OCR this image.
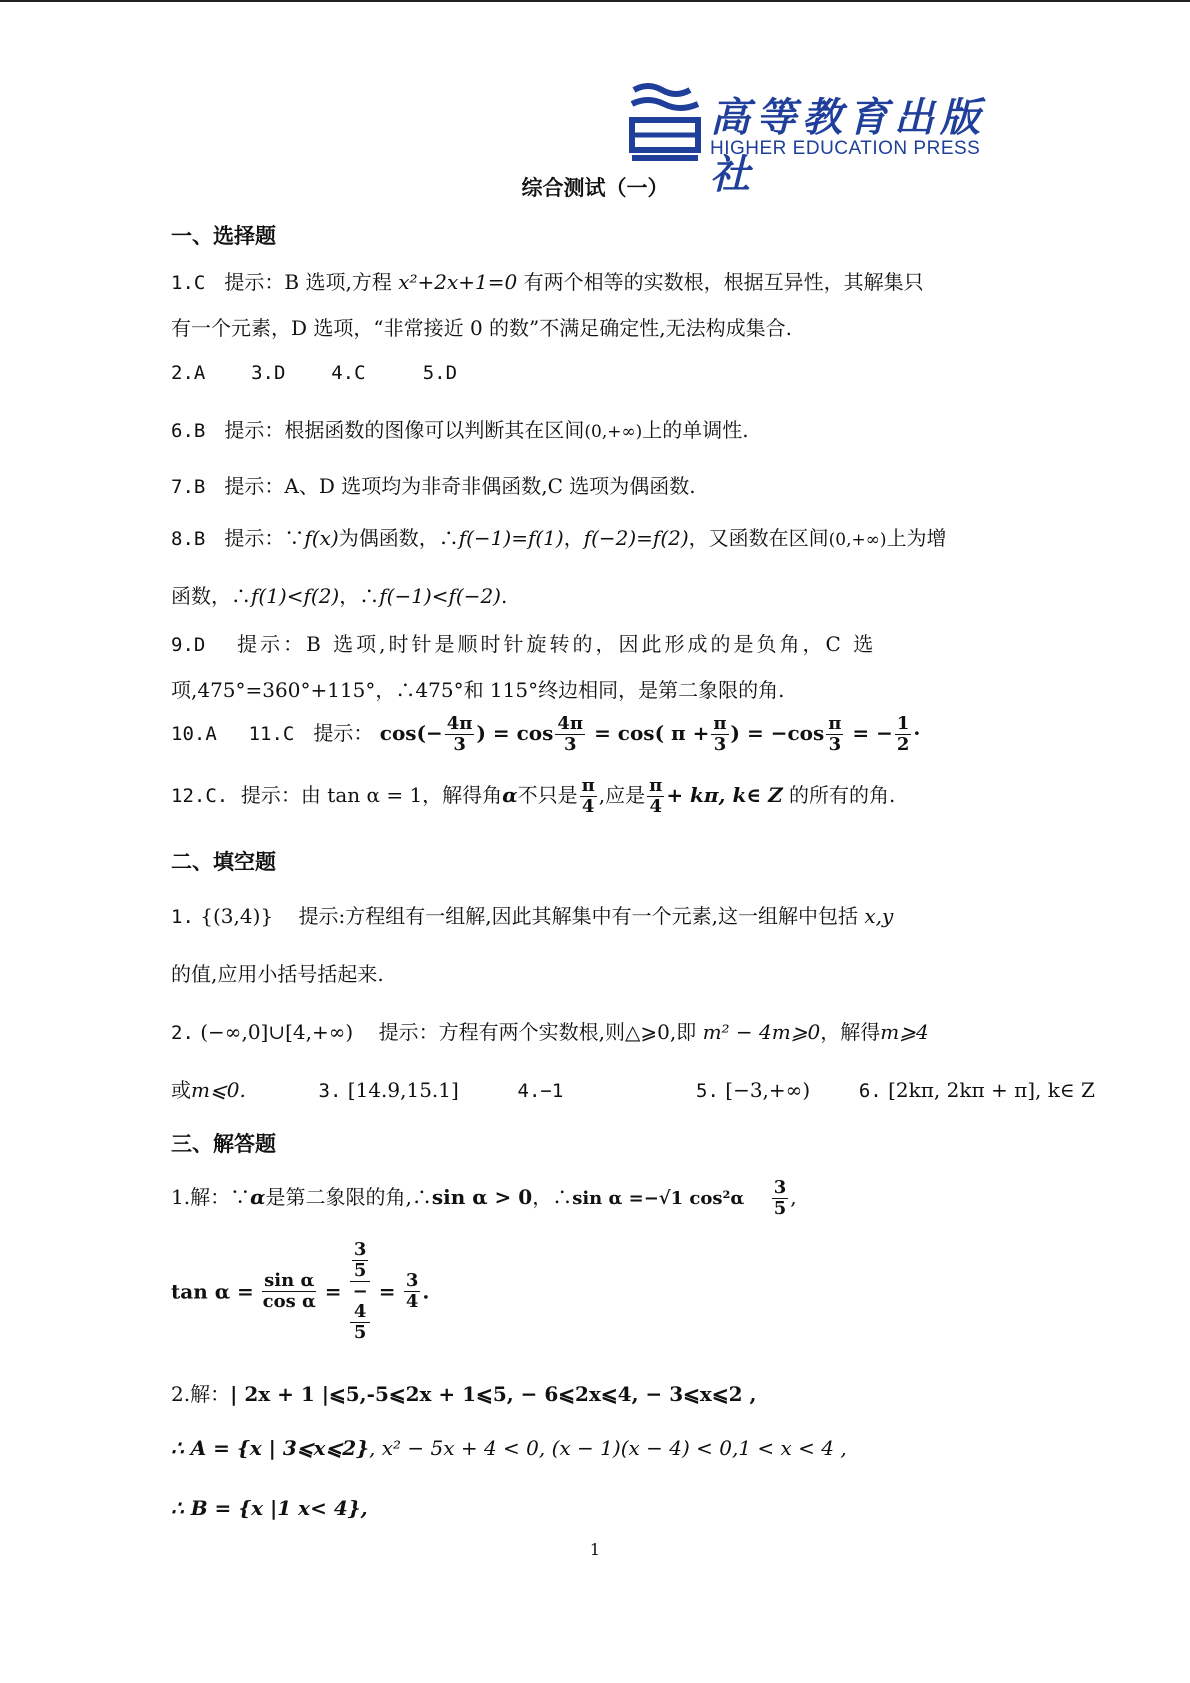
高等教育出版社
HIGHER EDUCATION PRESS
综合测试（一）
一、选择题
1.C 提示：B 选项,方程 x²+2x+1=0 有两个相等的实数根，根据互异性，其解集只
有一个元素，D 选项，“非常接近 0 的数”不满足确定性,无法构成集合.
2.A 3.D 4.C	5.D
6.B 提示：根据函数的图像可以判断其在区间(0,+∞)上的单调性.
7.B 提示：A、D 选项均为非奇非偶函数,C 选项为偶函数.
8.B 提示：∵f(x)为偶函数，∴f(−1)=f(1)，f(−2)=f(2)，又函数在区间(0,+∞)上为增
函数，∴f(1)<f(2)，∴f(−1)<f(−2).
9.D 提示：B 选项,时针是顺时针旋转的，因此形成的是负角，C 选
项,475°=360°+115°，∴475°和 115°终边相同，是第二象限的角.
10.A 11.C 提示： $\cos(- \frac{4\pi}{3}$ ) = $\cos \frac{4\pi}{3} = \cos$( $\pi + \frac{\pi}{3}$ ) = $-\cos \frac{\pi}{3}$ = − $\frac{1}{2}$ ·
12.C. 提示：由 tan α = 1，解得角α不只是 $\frac{\pi}{4}$ ,应是 $\frac{\pi}{4} + k\pi$, k∈ Z 的所有的角.
二、填空题
1. {(3,4)} 提示:方程组有一组解,因此其解集中有一个元素,这一组解中包括 x,y
的值,应用小括号括起来.
2. (−∞,0]∪[4,+∞) 提示：方程有两个实数根,则△⩾0,即 m² − 4m⩾0，解得m⩾4
或m⩽0.	3. [14.9,15.1]	4.−1	5. [−3,+∞)	6. [2kπ, 2kπ + π], k∈ Z
三、解答题
1.解：∵α是第二象限的角,∴sin α > 0，∴sin α =−√1 $\cos^2\alpha \frac{3}{5}$ ,
$\tan \alpha = \frac{\text{sin α}}{\text{cos α}} = 3$
5
−
4
$5 = \frac{3}{4}$ .
2.解：| 2x + 1 |⩽5,-5⩽2x + 1⩽5, − 6⩽2x⩽4, − 3⩽x⩽2 ,
∴ A = {x | 3⩽x⩽2}, x² − 5x + 4 < 0, (x − 1)(x − 4) < 0,1 < x < 4 ,
∴ B = {x |1 x< 4},
1
